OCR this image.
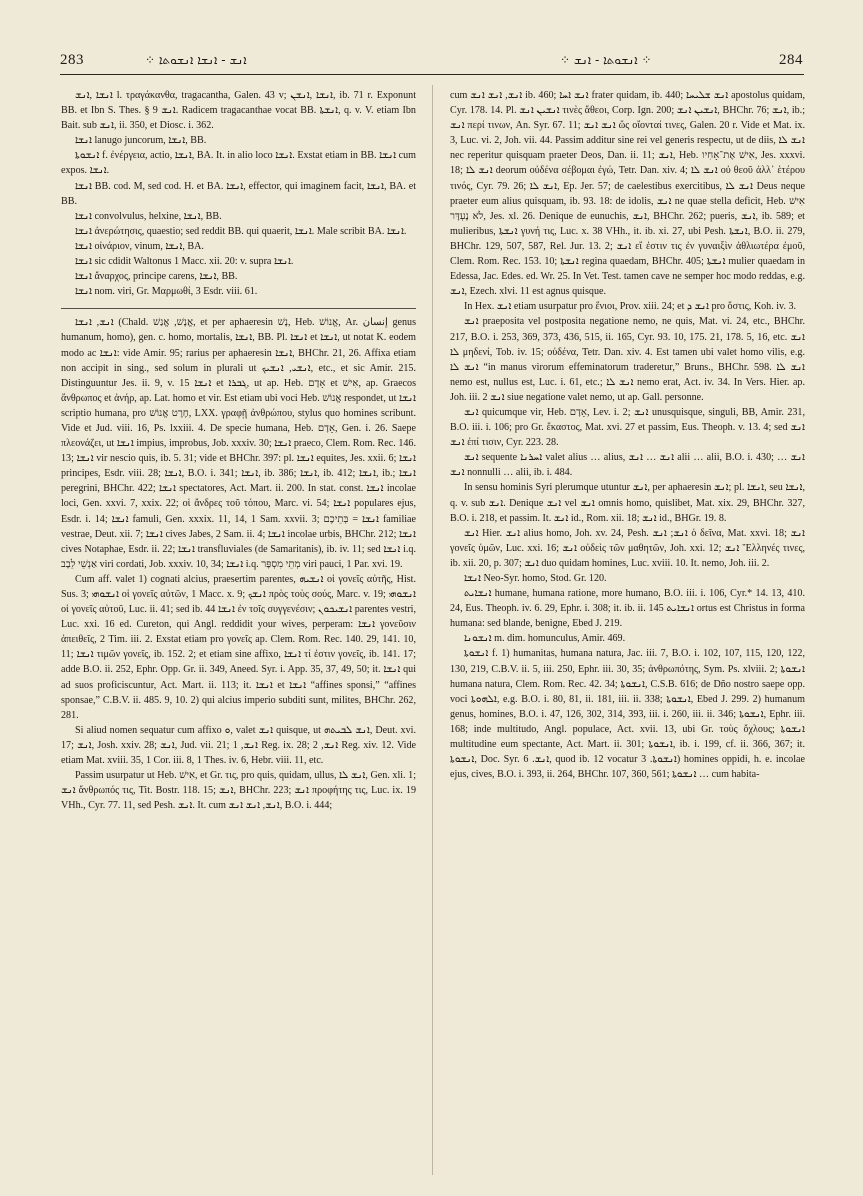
283	⁘ ܐܢܫ ‑ ܐܢܫܐ ܐܢܫܘܬܐ	⁘ ܐܢܫܘܬܐ ‑ ܐܢܫ ⁘	284

ܐܢܫܐ ,ܐܢܫ l. τραγάκανθα, tragacantha, Galen. 43 v; ܐܢܫܐ ,ܐܢܫܢ, ib. 71 r. Exponunt BB. et Ibn S. Thes. § 9 ܐܢܫ. Radicem tragacanthae vocat BB. ܐܢܫܬܐ, q. v. V. etiam Ibn Bait. sub ܐܢܫ, ii. 350, et Diosc. i. 362.

ܐܢܫܐ lanugo juncorum, ܐܢܫܐ, BB.

ܐܢܫܘܬܐ f. ἐνέργεια, actio, ܐܢܫܐ, BA. It. in alio loco ܐܢܫܐ. Exstat etiam in BB. ܐܢܫܐ cum expos. ܐܢܫܐ.

ܐܢܫܐ BB. cod. M, sed cod. H. et BA. ܐܢܫܐ, effector, qui imaginem facit, ܐܢܫܐ, BA. et BB.

ܐܢܫܐ convolvulus, helxine, ܐܢܫܐ, BB.

ܐܢܫܐ ἀνερώτησις, quaestio; sed reddit BB. qui quaerit, ܐܢܫܐ. Male scribit BA. ܐܢܫܐ.

ܐܢܫܐ οἰνάριον, vinum, ܐܢܫܐ, BA.

ܐܢܫܐ sic cdidit Waltonus 1 Macc. xii. 20: v. supra ܐܢܫܐ.

ܐܢܫܐ ἄναρχος, principe carens, ܐܢܫܐ, BB.

ܐܢܫܐ nom. viri, Gr. Μαρμωθί, 3 Esdr. viii. 61.

ܐܢܫ, ܐܢܫܐ (Chald. אֱנָשׁ, אֱנַשׁ, et per aphaeresin נָשׁ, Heb. אֱנוֹשׁ, Ar. إنسان genus humanum, homo), gen. c. homo, mortalis, ܐܢܫܐ, BB. Pl. ܐܢܫܐ et ܐܢܫܐ, ut notat K. eodem modo ac ܐܢܫܐ: vide Amir. 95; rarius per aphaeresin ܐܢܫܐ, BHChr. 21, 26. Affixa etiam non accipit in sing., sed solum in plurali ut ܐܢܫܝ, ܐܢܫܝܟ, etc., et sic Amir. 215. Distinguuntur Jes. ii. 9, v. 15 ܐܢܫܐ et ܓܒܪܐ, ut ap. Heb. אָדָם et אִישׁ, ap. Graecos ἄνθρωπος et ἀνήρ, ap. Lat. homo et vir. Est etiam ubi voci Heb. אֱנוֹשׁ respondet, ut ܐܢܫܐ scriptio humana, pro חֶרֶט אֱנוֹשׁ, LXX. γραφῇ ἀνθρώπου, stylus quo homines scribunt. Vide et Jud. viii. 16, Ps. lxxiii. 4. De specie humana, Heb. אָדָם, Gen. i. 26. Saepe πλεονάζει, ut ܐܢܫܐ impius, improbus, Job. xxxiv. 30; ܐܢܫܐ praeco, Clem. Rom. Rec. 146. 13; ܐܢܫܐ vir nescio quis, ib. 5. 31; vide et BHChr. 397: pl. ܐܢܫܐ equites, Jes. xxii. 6; ܐܢܫܐ principes, Esdr. viii. 28; ܐܢܫܐ, B.O. i. 341; ܐܢܫܐ, ib. 386; ܐܢܫܐ, ib. 412; ܐܢܫܐ, ib.; ܐܢܫܐ peregrini, BHChr. 422; ܐܢܫܐ spectatores, Act. Mart. ii. 200. In stat. const. ܐܢܫܐ incolae loci, Gen. xxvi. 7, xxix. 22; οἱ ἄνδρες τοῦ τόπου, Marc. vi. 54; ܐܢܫܐ populares ejus, Esdr. i. 14; ܐܢܫܐ famuli, Gen. xxxix. 11, 14, 1 Sam. xxvii. 3; ܐܢܫܐ = בְּתֵיכֶם familiae vestrae, Deut. xii. 7; ܐܢܫܐ cives Jabes, 2 Sam. ii. 4; ܐܢܫܐ incolae urbis, BHChr. 212; ܐܢܫܐ cives Notaphae, Esdr. ii. 22; ܐܢܫܐ transfluviales (de Samaritanis), ib. iv. 11; sed ܐܢܫܐ i.q. אַנְשֵׁי לֵבָב viri cordati, Job. xxxiv. 10, 34; ܐܢܫܐ i.q. מְתֵי מִסְפָּר viri pauci, 1 Par. xvi. 19.

Cum aff. valet 1) cognati alcius, praesertim parentes, ܐܢܫܝܗ οἱ γονεῖς αὐτῆς, Hist. Sus. 3; ܐܢܫܘܗܝ οἱ γονεῖς αὐτῶν, 1 Macc. x. 9; ܐܢܫܟ πρὸς τοὺς σούς, Marc. v. 19; ܐܢܫܘܗܝ οἱ γονεῖς αὐτοῦ, Luc. ii. 41; sed ib. 44 ܐܢܫܐ ἐν τοῖς συγγενέσιν; ܐܢܫܝܟܘܢ parentes vestri, Luc. xxi. 16 ed. Cureton, qui Angl. reddidit your wives, perperam: ܐܢܫܐ γονεῦσιν ἀπειθεῖς, 2 Tim. iii. 2. Exstat etiam pro γονεῖς ap. Clem. Rom. Rec. 140. 29, 141. 10, 11; ܐܢܫܐ τιμῶν γονεῖς, ib. 152. 2; et etiam sine affixo, ܐܢܫܐ τί ἐστιν γονεῖς, ib. 141. 17; adde B.O. ii. 252, Ephr. Opp. Gr. ii. 349, Aneed. Syr. i. App. 35, 37, 49, 50; it. ܐܢܫܐ qui ad suos proficiscuntur, Act. Mart. ii. 113; it. ܐܢܫܐ et ܐܢܫܐ “affines sponsi,” “affines sponsae,” C.B.V. ii. 485. 9, 10. 2) qui alcius imperio subditi sunt, milites, BHChr. 262, 281.

Si aliud nomen sequatur cum affixo ܘ, valet ܐܢܫ quisque, ut ܐܢܫ ܠܒܝܬܗ, Deut. xvi. 17; ܐܢܫ, Josh. xxiv. 28; ܐܢܫ, Jud. vii. 21; ܐܢܫ, 1 Reg. ix. 28; ܐܢܫ, 2 Reg. xiv. 12. Vide etiam Mat. xviii. 35, 1 Cor. iii. 8, 1 Thes. iv. 6, Hebr. viii. 11, etc.

Passim usurpatur ut Heb. אִישׁ, et Gr. τις, pro quis, quidam, ullus, ܐܢܫ ܠܐ, Gen. xli. 1; ܐܢܫ ἄνθρωπός τις, Tit. Bostr. 118. 15; ܐܢܫ, BHChr. 223; ܐܢܫ προφήτης τις, Luc. ix. 19 VHh., Cyr. 77. 11, sed Pesh. ܐܢܫ. It. cum ܐܢܫ, ܐܢܫ ܐܢܫ, B.O. i. 444;

cum ܐܢܫ, ܐܢܫ ܐܢܫ ib. 460; ܐܢܫ ܐܚܐ frater quidam, ib. 440; ܐܢܫ ܫܠܝܚܐ apostolus quidam, Cyr. 178. 14. Pl. ܐܢܫܝܢ ܐܢܫ τινὲς ἄθεοι, Corp. Ign. 200; ܐܢܫܝܢ ܐܢܫ, BHChr. 76; ܐܢܫ, ib.; ܐܢܫ περί τινων, An. Syr. 67. 11; ܐܢܫ ܐܢܫ ὥς οἴονταί τινες, Galen. 20 r. Vide et Mat. ix. 3, Luc. vi. 2, Joh. vii. 44. Passim additur sine rei vel generis respectu, ut de diis, ܐܢܫ ܠܐ nec reperitur quisquam praeter Deos, Dan. ii. 11; ܐܢܫ, Heb. אִישׁ אֶת־אָחִיו, Jes. xxxvi. 18; ܐܢܫ ܠܐ deorum οὐδένα σέβομαι ἐγώ, Tetr. Dan. xiv. 4; ܐܢܫ ܠܐ οὐ θεοῦ ἀλλ᾽ ἑτέρου τινός, Cyr. 79. 26; ܐܢܫ ܠܐ, Ep. Jer. 57; de caelestibus exercitibus, ܐܢܫ ܠܐ Deus neque praeter eum alius quisquam, ib. 93. 18: de idolis, ܐܢܫ ne quae stella deficit, Heb. אִישׁ לֹא נֶעְדָּר, Jes. xl. 26. Denique de eunuchis, ܐܢܫ, BHChr. 262; pueris, ܐܢܫ, ib. 589; et mulieribus, ܐܢܫܬܐ γυνή τις, Luc. x. 38 VHh., it. ib. xi. 27, ubi Pesh. ܐܢܫܬܐ, B.O. ii. 279, BHChr. 129, 507, 587, Rel. Jur. 13. 2; ܐܢܫ εἴ ἐστιν τις ἐν γυναιξὶν ἀθλιωτέρα ἐμοῦ, Clem. Rom. Rec. 153. 10; ܐܢܫܬܐ regina quaedam, BHChr. 405; ܐܢܫܬܐ mulier quaedam in Edessa, Jac. Edes. ed. Wr. 25. In Vet. Test. tamen cave ne semper hoc modo reddas, e.g. ܐܢܫ, Ezech. xlvi. 11 est agnus quisque.

In Hex. ܐܢܫ etiam usurpatur pro ἕνιοι, Prov. xiii. 24; et ܐܢܫ ܕ pro ὅστις, Koh. iv. 3.

ܐܢܫ praeposita vel postposita negatione nemo, ne quis, Mat. vi. 24, etc., BHChr. 217, B.O. i. 253, 369, 373, 436, 515, ii. 165, Cyr. 93. 10, 175. 21, 178. 5, 16, etc. ܐܢܫ ܠܐ μηδενί, Tob. iv. 15; οὐδένα, Tetr. Dan. xiv. 4. Est tamen ubi valet homo vilis, e.g. ܐܢܫ ܠܐ “in manus virorum effeminatorum traderetur,” Bruns., BHChr. 598. ܐܢܫ ܠܐ nemo est, nullus est, Luc. i. 61, etc.; ܐܢܫ ܠܐ nemo erat, Act. iv. 34. In Vers. Hier. ap. Joh. iii. 2 ܐܢܫ siue negatione valet nemo, ut ap. Gall. personne.

ܐܢܫ quicumque vir, Heb. אָדָם, Lev. i. 2; ܐܢܫ unusquisque, singuli, BB, Amir. 231, B.O. iii. i. 106; pro Gr. ἕκαστος, Mat. xvi. 27 et passim, Eus. Theoph. v. 13. 4; sed ܐܢܫ ܐܢܫ ἐπί τισιν, Cyr. 223. 28.

ܐܢܫ sequente ܐܚܪܢܐ valet alius … alius, ܐܢܫ … ܐܢܫ alii … alii, B.O. i. 430; ܐܢܫ … ܐܢܫ nonnulli … alii, ib. i. 484.

In sensu hominis Syri plerumque utuntur ܐܢܫ, per aphaeresin ܐܢܫ; pl. ܐܢܫܐ, seu ܐܢܫܐ, q. v. sub ܐܢܫ. Denique ܐܢܫ vel ܐܢܫ omnis homo, quislibet, Mat. xix. 29, BHChr. 327, B.O. i. 218, et passim. It. ܐܢܫ id., Rom. xii. 18; ܐܢܫ id., BHGr. 19. 8.

ܐܢܫ Hier. ܐܢܫ alius homo, Joh. xv. 24, Pesh. ܐܢܫ; ܐܢܫ ὁ δεῖνα, Mat. xxvi. 18; ܐܢܫ γονεῖς ὑμῶν, Luc. xxi. 16; ܐܢܫ οὐδεὶς τῶν μαθητῶν, Joh. xxi. 12; ܐܢܫ Ἕλληνές τινες, ib. xii. 20, p. 307; ܐܢܫ duo quidam homines, Luc. xviii. 10. It. nemo, Joh. iii. 2.

ܐܢܫܐ Neo-Syr. homo, Stod. Gr. 120.

ܐܢܫܐܝܬ humane, humana ratione, more humano, B.O. iii. i. 106, Cyr.* 14. 13, 410. 24, Eus. Theoph. iv. 6. 29, Ephr. i. 308; it. ib. ii. 145 ܐܢܫܐܝܬ ortus est Christus in forma humana: sed blande, benigne, Ebed J. 219.

ܐܢܫܘܢܐ m. dim. homunculus, Amir. 469.

ܐܢܫܘܬܐ f. 1) humanitas, humana natura, Jac. iii. 7, B.O. i. 102, 107, 115, 120, 122, 130, 219, C.B.V. ii. 5, iii. 250, Ephr. iii. 30, 35; ἀνθρωπότης, Sym. Ps. xlviii. 2; ܐܢܫܘܬܐ humana natura, Clem. Rom. Rec. 42. 34; ܐܢܫܘܬܐ, C.S.B. 616; de Dño nostro saepe opp. voci ܐܠܗܘܬܐ, e.g. B.O. i. 80, 81, ii. 181, iii. ii. 338; ܐܢܫܘܬܐ, Ebed J. 299. 2) humanum genus, homines, B.O. i. 47, 126, 302, 314, 393, iii. i. 260, iii. ii. 346; ܐܢܫܘܬܐ, Ephr. iii. 168; inde multitudo, Angl. populace, Act. xvii. 13, ubi Gr. τοὺς ὄχλους; ܐܢܫܘܬܐ multitudine eum spectante, Act. Mart. ii. 301; ܐܢܫܘܬܐ, ib. i. 199, cf. ii. 366, 367; it. ܐܢܫܘܬܐ, Doc. Syr. ܐܢܫ. 6, quod ib. 12 vocatur ܐܢܫܘܬܐ. 3) homines oppidi, h. e. incolae ejus, cives, B.O. i. 393, ii. 264, BHChr. 107, 360, 561; ܐܢܫܘܬܐ … cum habita-
